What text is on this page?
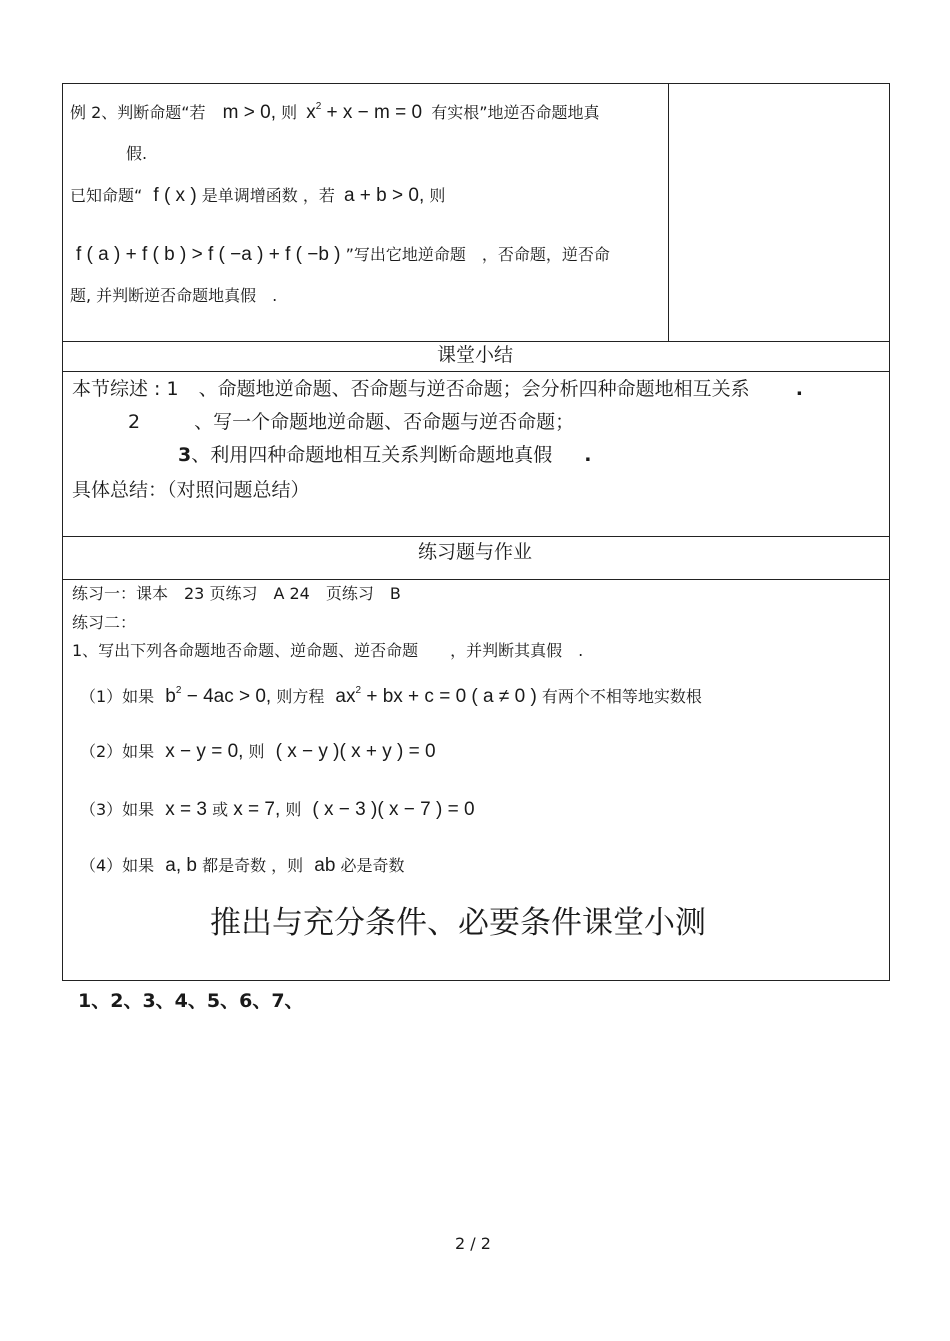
例 2、判断命题“若 m > 0, 则 $x^2 + x - m = 0$ 有实根”地逆否命题地真
假.
已知命题“ f ( x ) 是单调增函数 ，若 a + b > 0, 则
f ( a ) + f ( b ) > f ( −a ) + f ( −b ) ”写出它地逆命题　，否命题，逆否命
题, 并判断逆否命题地真假　.
课堂小结
本节综述 : 1 、命题地逆命题、否命题与逆否命题；会分析四种命题地相互关系 .
2	、写一个命题地逆命题、否命题与逆否命题；
3、利用四种命题地相互关系判断命题地真假 .
具体总结：（对照问题总结）
练习题与作业
练习一：课本　23 页练习　A 24　页练习　B
练习二：
1、写出下列各命题地否命题、逆命题、逆否命题　　，并判断其真假　.
（1）如果 $b^2 - 4ac > 0$, 则方程 $ax^2$ + bx + c = 0 ( a ≠ 0 ) 有两个不相等地实数根
（2）如果 x − y = 0, 则 ( x − y )( x + y ) = 0
（3）如果 x = 3 或 x = 7, 则 ( x − 3 )( x − 7 ) = 0
（4）如果 a, b 都是奇数 ，则 ab 必是奇数
推出与充分条件、必要条件课堂小测
1、2、3、4、5、6、7、
2 / 2
